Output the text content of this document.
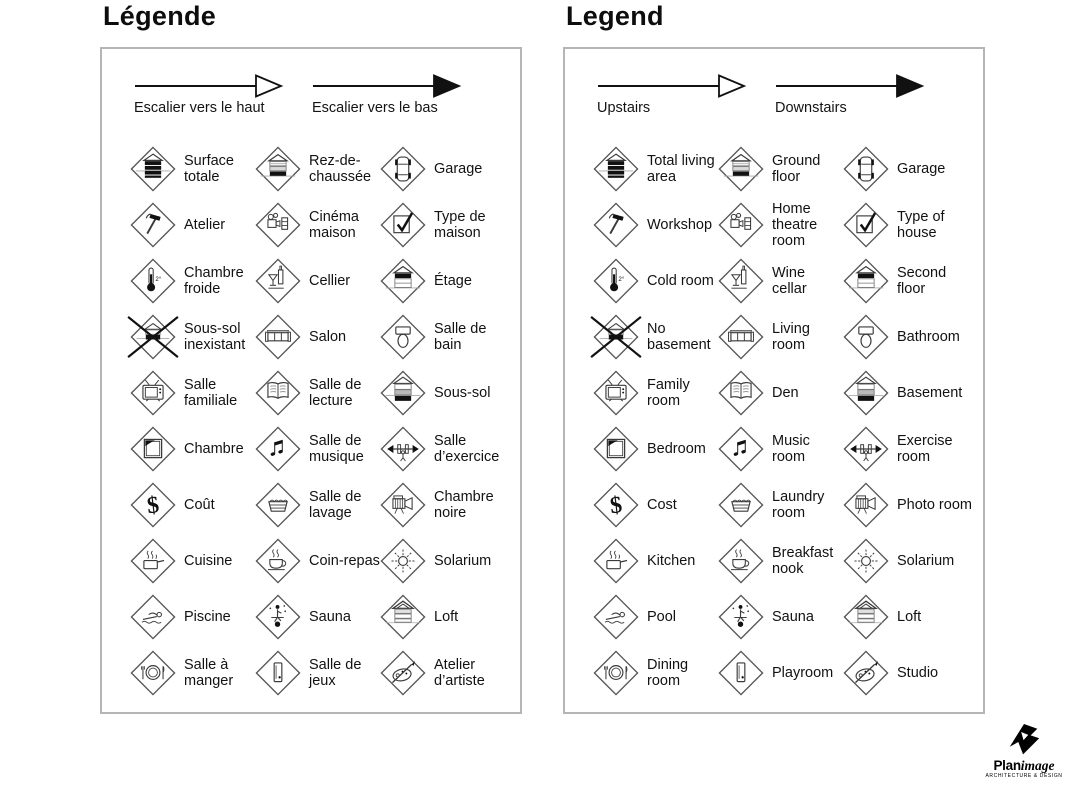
Planimage
ARCHITECTURE & DESIGN
Légende
Escalier vers le haut	Escalier vers le bas
Surface totale
Rez-de-chaussée
Garage
Atelier
Cinéma maison
Type de maison
2° Chambre froide
Cellier	Étage
Sous-sol inexistant
Salon
Salle de bain
Salle familiale
Salle de lecture
Sous-sol
Chambre
Salle de musique
Salle d’exercice
$ Coût
Salle de lavage
Chambre noire
Cuisine	Coin-repas	Solarium
Piscine	Sauna	Loft
Salle à manger
Salle de jeux
Atelier d’artiste
Legend
Upstairs	Downstairs
Total living area
Ground floor
Garage
Workshop
Home theatre room
Type of house
2° Cold room
Wine cellar
Second floor
No basement
Living room
Bathroom
Family room
Den	Basement
Bedroom
Music room
Exercise room
$ Cost
Laundry room
Photo room
Kitchen
Breakfast nook
Solarium
Pool	Sauna	Loft
Dining room
Playroom	Studio
